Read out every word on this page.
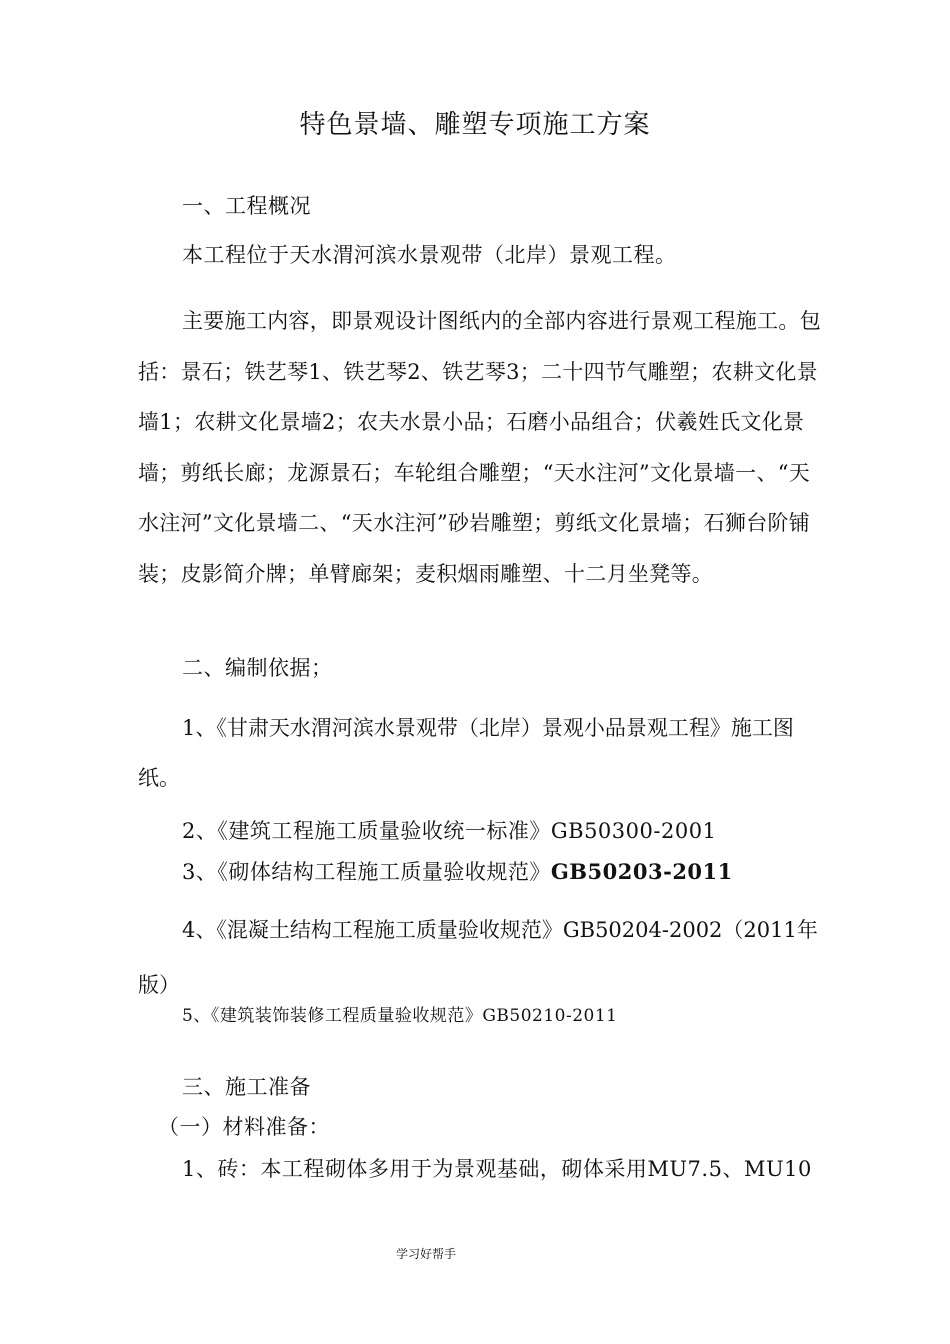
特色景墙、雕塑专项施工方案
一、工程概况
本工程位于天水渭河滨水景观带（北岸）景观工程。
主要施工内容，即景观设计图纸内的全部内容进行景观工程施工。包括：景石；铁艺琴1、铁艺琴2、铁艺琴3；二十四节气雕塑；农耕文化景墙1；农耕文化景墙2；农夫水景小品；石磨小品组合；伏羲姓氏文化景墙；剪纸长廊；龙源景石；车轮组合雕塑；“天水注河”文化景墙一、“天水注河”文化景墙二、“天水注河”砂岩雕塑；剪纸文化景墙；石狮台阶铺装；皮影简介牌；单臂廊架；麦积烟雨雕塑、十二月坐凳等。
二、编制依据；
1、《甘肃天水渭河滨水景观带（北岸）景观小品景观工程》施工图纸。
2、《建筑工程施工质量验收统一标准》GB50300-2001
3、《砌体结构工程施工质量验收规范》GB50203-2011
4、《混凝土结构工程施工质量验收规范》GB50204-2002（2011年版）
5、《建筑装饰装修工程质量验收规范》GB50210-2011
三、施工准备
（一）材料准备：
1、砖：本工程砌体多用于为景观基础，砌体采用MU7.5、MU10
学习好帮手
